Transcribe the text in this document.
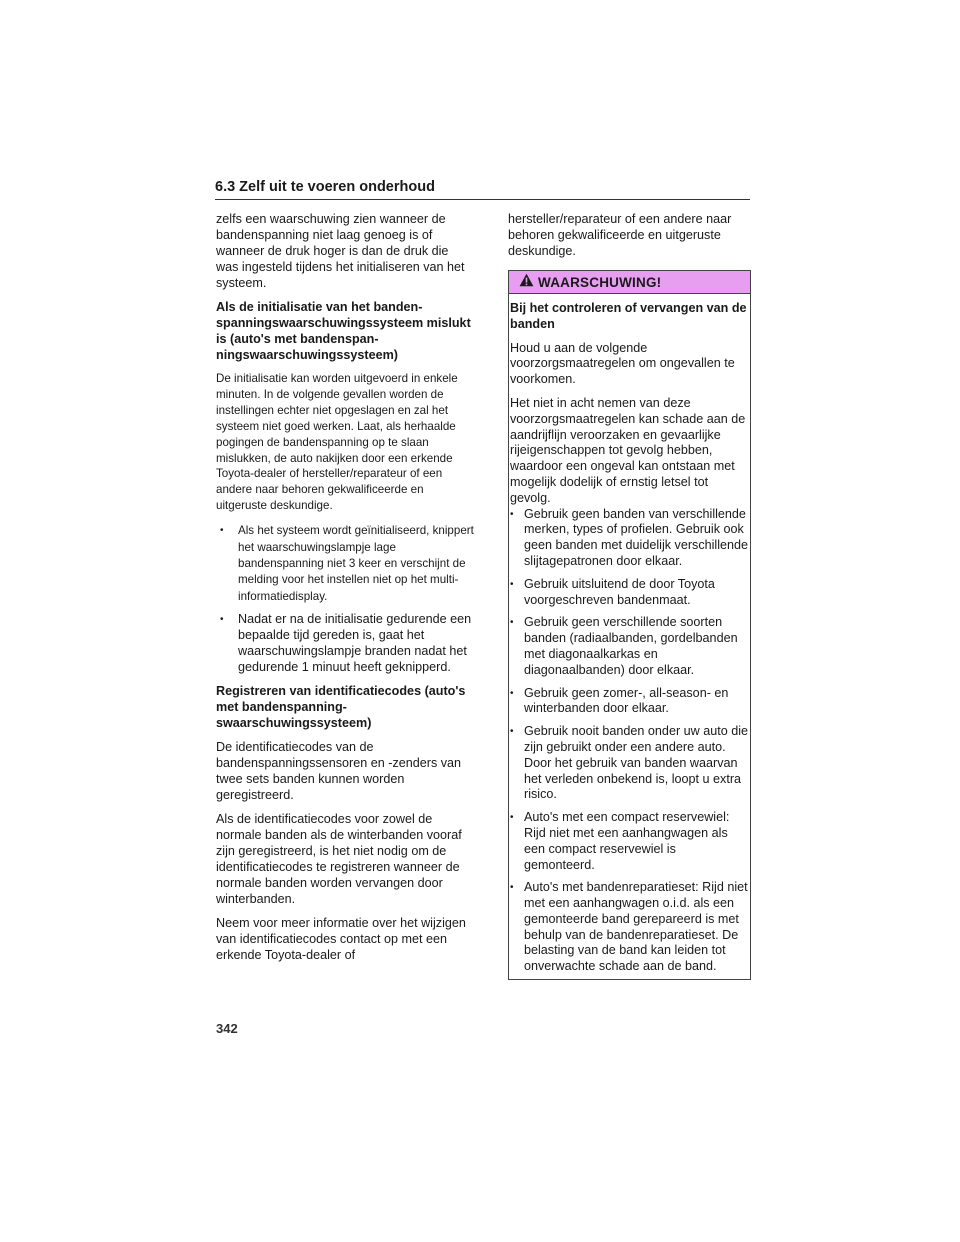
6.3 Zelf uit te voeren onderhoud

zelfs een waarschuwing zien wanneer de bandenspanning niet laag genoeg is of wanneer de druk hoger is dan de druk die was ingesteld tijdens het initialiseren van het systeem.

Als de initialisatie van het banden-spanningswaarschuwingssysteem mislukt is (auto's met bandenspan-ningswaarschuwingssysteem)

De initialisatie kan worden uitgevoerd in enkele minuten. In de volgende gevallen worden de instellingen echter niet opgeslagen en zal het systeem niet goed werken. Laat, als herhaalde pogingen de bandenspanning op te slaan mislukken, de auto nakijken door een erkende Toyota-dealer of hersteller/reparateur of een andere naar behoren gekwalificeerde en uitgeruste deskundige.

• Als het systeem wordt geïnitialiseerd, knippert het waarschuwingslampje lage bandenspanning niet 3 keer en verschijnt de melding voor het instellen niet op het multi-informatiedisplay.
• Nadat er na de initialisatie gedurende een bepaalde tijd gereden is, gaat het waarschuwingslampje branden nadat het gedurende 1 minuut heeft geknipperd.

Registreren van identificatiecodes (auto's met bandenspanning-swaarschuwingssysteem)

De identificatiecodes van de bandenspanningssensoren en -zenders van twee sets banden kunnen worden geregistreerd.

Als de identificatiecodes voor zowel de normale banden als de winterbanden vooraf zijn geregistreerd, is het niet nodig om de identificatiecodes te registreren wanneer de normale banden worden vervangen door winterbanden.

Neem voor meer informatie over het wijzigen van identificatiecodes contact op met een erkende Toyota-dealer of

hersteller/reparateur of een andere naar behoren gekwalificeerde en uitgeruste deskundige.

WAARSCHUWING!

Bij het controleren of vervangen van de banden

Houd u aan de volgende voorzorgsmaatregelen om ongevallen te voorkomen.

Het niet in acht nemen van deze voorzorgsmaatregelen kan schade aan de aandrijflijn veroorzaken en gevaarlijke rijeigenschappen tot gevolg hebben, waardoor een ongeval kan ontstaan met mogelijk dodelijk of ernstig letsel tot gevolg.

• Gebruik geen banden van verschillende merken, types of profielen. Gebruik ook geen banden met duidelijk verschillende slijtagepatronen door elkaar.
• Gebruik uitsluitend de door Toyota voorgeschreven bandenmaat.
• Gebruik geen verschillende soorten banden (radiaalbanden, gordelbanden met diagonaalkarkas en diagonaalbanden) door elkaar.
• Gebruik geen zomer-, all-season- en winterbanden door elkaar.
• Gebruik nooit banden onder uw auto die zijn gebruikt onder een andere auto. Door het gebruik van banden waarvan het verleden onbekend is, loopt u extra risico.
• Auto's met een compact reservewiel: Rijd niet met een aanhangwagen als een compact reservewiel is gemonteerd.
• Auto's met bandenreparatieset: Rijd niet met een aanhangwagen o.i.d. als een gemonteerde band gerepareerd is met behulp van de bandenreparatieset. De belasting van de band kan leiden tot onverwachte schade aan de band.
342
